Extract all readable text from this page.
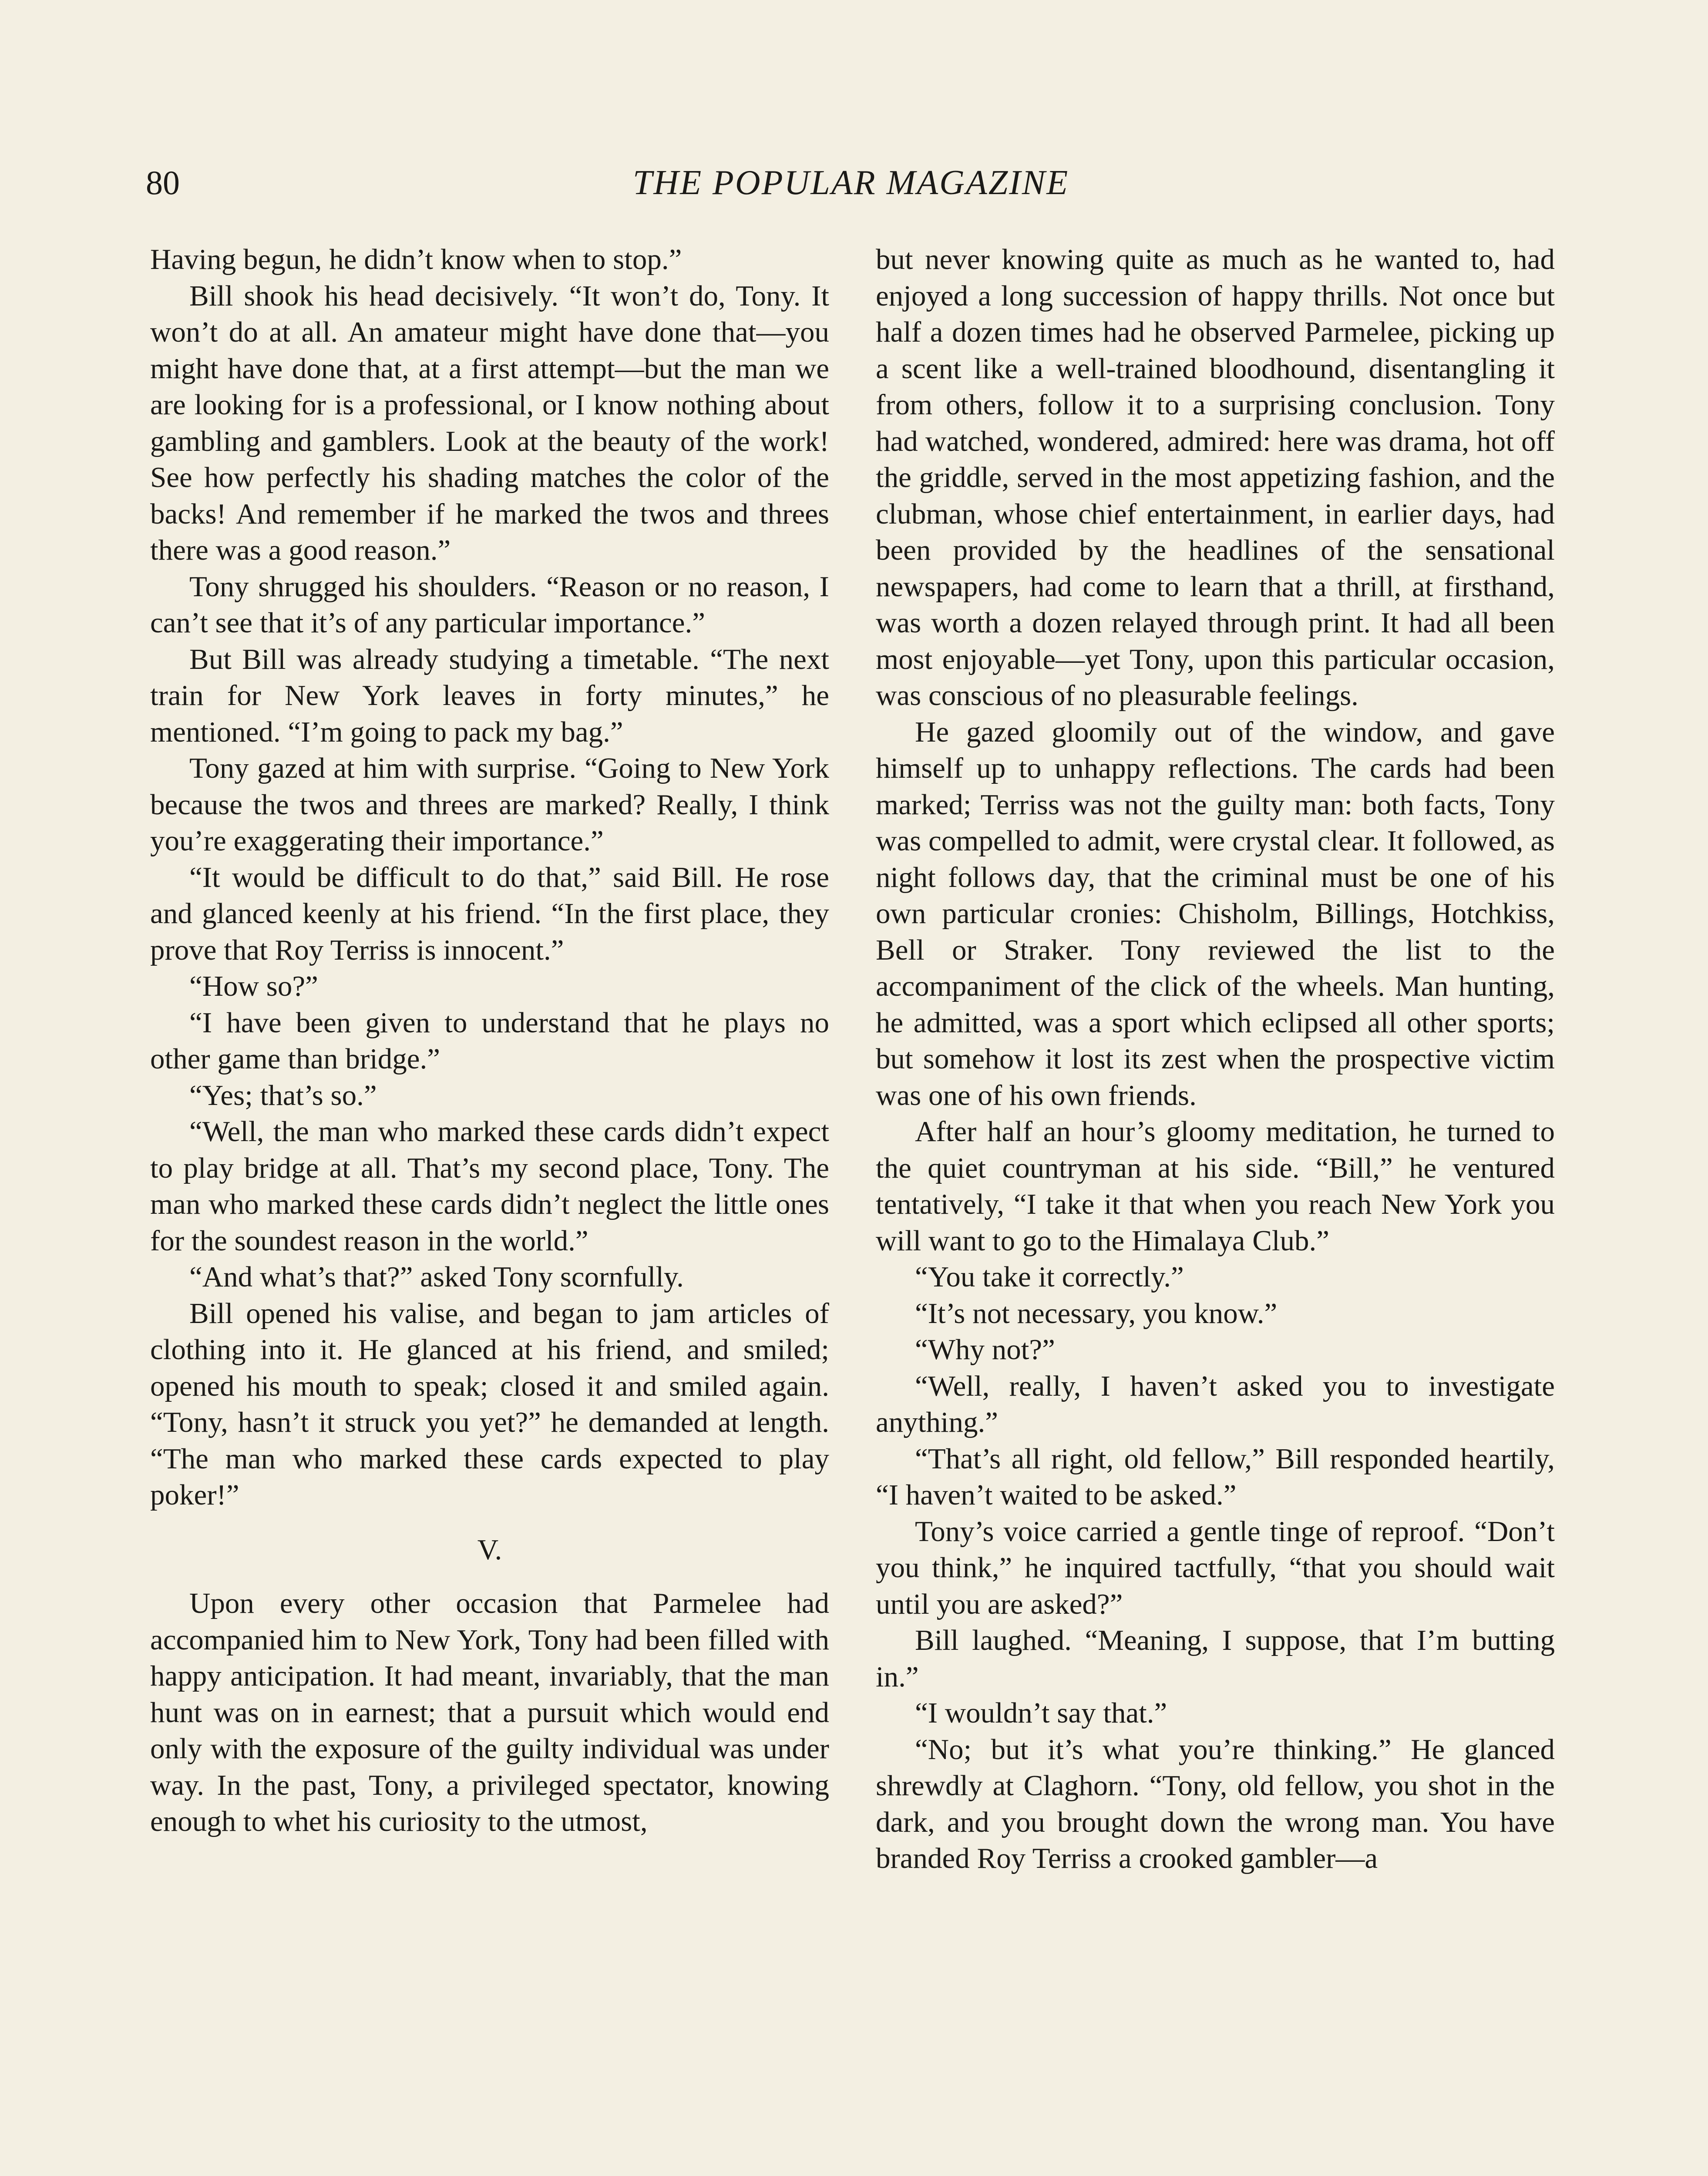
80	THE POPULAR MAGAZINE

Having begun, he didn’t know when to stop.”

Bill shook his head decisively. “It won’t do, Tony. It won’t do at all. An amateur might have done that—you might have done that, at a first attempt—but the man we are looking for is a professional, or I know nothing about gambling and gamblers. Look at the beauty of the work! See how perfectly his shading matches the color of the backs! And remember if he marked the twos and threes there was a good reason.”

Tony shrugged his shoulders. “Reason or no reason, I can’t see that it’s of any particular importance.”

But Bill was already studying a timetable. “The next train for New York leaves in forty minutes,” he mentioned. “I’m going to pack my bag.”

Tony gazed at him with surprise. “Going to New York because the twos and threes are marked? Really, I think you’re exaggerating their importance.”

“It would be difficult to do that,” said Bill. He rose and glanced keenly at his friend. “In the first place, they prove that Roy Terriss is innocent.”

“How so?”

“I have been given to understand that he plays no other game than bridge.”

“Yes; that’s so.”

“Well, the man who marked these cards didn’t expect to play bridge at all. That’s my second place, Tony. The man who marked these cards didn’t neglect the little ones for the soundest reason in the world.”

“And what’s that?” asked Tony scornfully.

Bill opened his valise, and began to jam articles of clothing into it. He glanced at his friend, and smiled; opened his mouth to speak; closed it and smiled again. “Tony, hasn’t it struck you yet?” he demanded at length. “The man who marked these cards expected to play poker!”

V.

Upon every other occasion that Parmelee had accompanied him to New York, Tony had been filled with happy anticipation. It had meant, invariably, that the man hunt was on in earnest; that a pursuit which would end only with the exposure of the guilty individual was under way. In the past, Tony, a privileged spectator, knowing enough to whet his curiosity to the utmost,

but never knowing quite as much as he wanted to, had enjoyed a long succession of happy thrills. Not once but half a dozen times had he observed Parmelee, picking up a scent like a well-trained bloodhound, disentangling it from others, follow it to a surprising conclusion. Tony had watched, wondered, admired: here was drama, hot off the griddle, served in the most appetizing fashion, and the clubman, whose chief entertainment, in earlier days, had been provided by the headlines of the sensational newspapers, had come to learn that a thrill, at firsthand, was worth a dozen relayed through print. It had all been most enjoyable—yet Tony, upon this particular occasion, was conscious of no pleasurable feelings.

He gazed gloomily out of the window, and gave himself up to unhappy reflections. The cards had been marked; Terriss was not the guilty man: both facts, Tony was compelled to admit, were crystal clear. It followed, as night follows day, that the criminal must be one of his own particular cronies: Chisholm, Billings, Hotchkiss, Bell or Straker. Tony reviewed the list to the accompaniment of the click of the wheels. Man hunting, he admitted, was a sport which eclipsed all other sports; but somehow it lost its zest when the prospective victim was one of his own friends.

After half an hour’s gloomy meditation, he turned to the quiet countryman at his side. “Bill,” he ventured tentatively, “I take it that when you reach New York you will want to go to the Himalaya Club.”

“You take it correctly.”

“It’s not necessary, you know.”

“Why not?”

“Well, really, I haven’t asked you to investigate anything.”

“That’s all right, old fellow,” Bill responded heartily, “I haven’t waited to be asked.”

Tony’s voice carried a gentle tinge of reproof. “Don’t you think,” he inquired tactfully, “that you should wait until you are asked?”

Bill laughed. “Meaning, I suppose, that I’m butting in.”

“I wouldn’t say that.”

“No; but it’s what you’re thinking.” He glanced shrewdly at Claghorn. “Tony, old fellow, you shot in the dark, and you brought down the wrong man. You have branded Roy Terriss a crooked gambler—a
